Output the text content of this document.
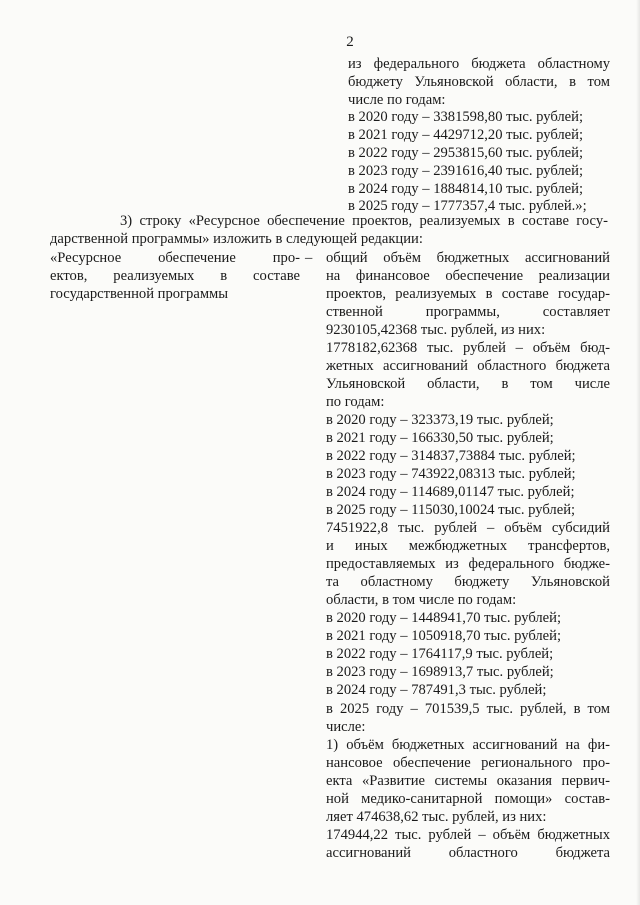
2
из федерального бюджета областному
бюджету Ульяновской области, в том
числе по годам:
в 2020 году – 3381598,80 тыс. рублей;
в 2021 году – 4429712,20 тыс. рублей;
в 2022 году – 2953815,60 тыс. рублей;
в 2023 году – 2391616,40 тыс. рублей;
в 2024 году – 1884814,10 тыс. рублей;
в 2025 году – 1777357,4 тыс. рублей.»;
3) строку «Ресурсное обеспечение проектов, реализуемых в составе госу-
дарственной программы» изложить в следующей редакции:
«Ресурсное обеспечение про-
ектов, реализуемых в составе
государственной программы
– общий объём бюджетных ассигнований
на финансовое обеспечение реализации
проектов, реализуемых в составе государ-
ственной программы, составляет
9230105,42368 тыс. рублей, из них:
1778182,62368 тыс. рублей – объём бюд-
жетных ассигнований областного бюджета
Ульяновской области, в том числе
по годам:
в 2020 году – 323373,19 тыс. рублей;
в 2021 году – 166330,50 тыс. рублей;
в 2022 году – 314837,73884 тыс. рублей;
в 2023 году – 743922,08313 тыс. рублей;
в 2024 году – 114689,01147 тыс. рублей;
в 2025 году – 115030,10024 тыс. рублей;
7451922,8 тыс. рублей – объём субсидий
и иных межбюджетных трансфертов,
предоставляемых из федерального бюдже-
та областному бюджету Ульяновской
области, в том числе по годам:
в 2020 году – 1448941,70 тыс. рублей;
в 2021 году – 1050918,70 тыс. рублей;
в 2022 году – 1764117,9 тыс. рублей;
в 2023 году – 1698913,7 тыс. рублей;
в 2024 году – 787491,3 тыс. рублей;
в 2025 году – 701539,5 тыс. рублей, в том
числе:
1) объём бюджетных ассигнований на фи-
нансовое обеспечение регионального про-
екта «Развитие системы оказания первич-
ной медико-санитарной помощи» состав-
ляет 474638,62 тыс. рублей, из них:
174944,22 тыс. рублей – объём бюджетных
ассигнований областного бюджета
